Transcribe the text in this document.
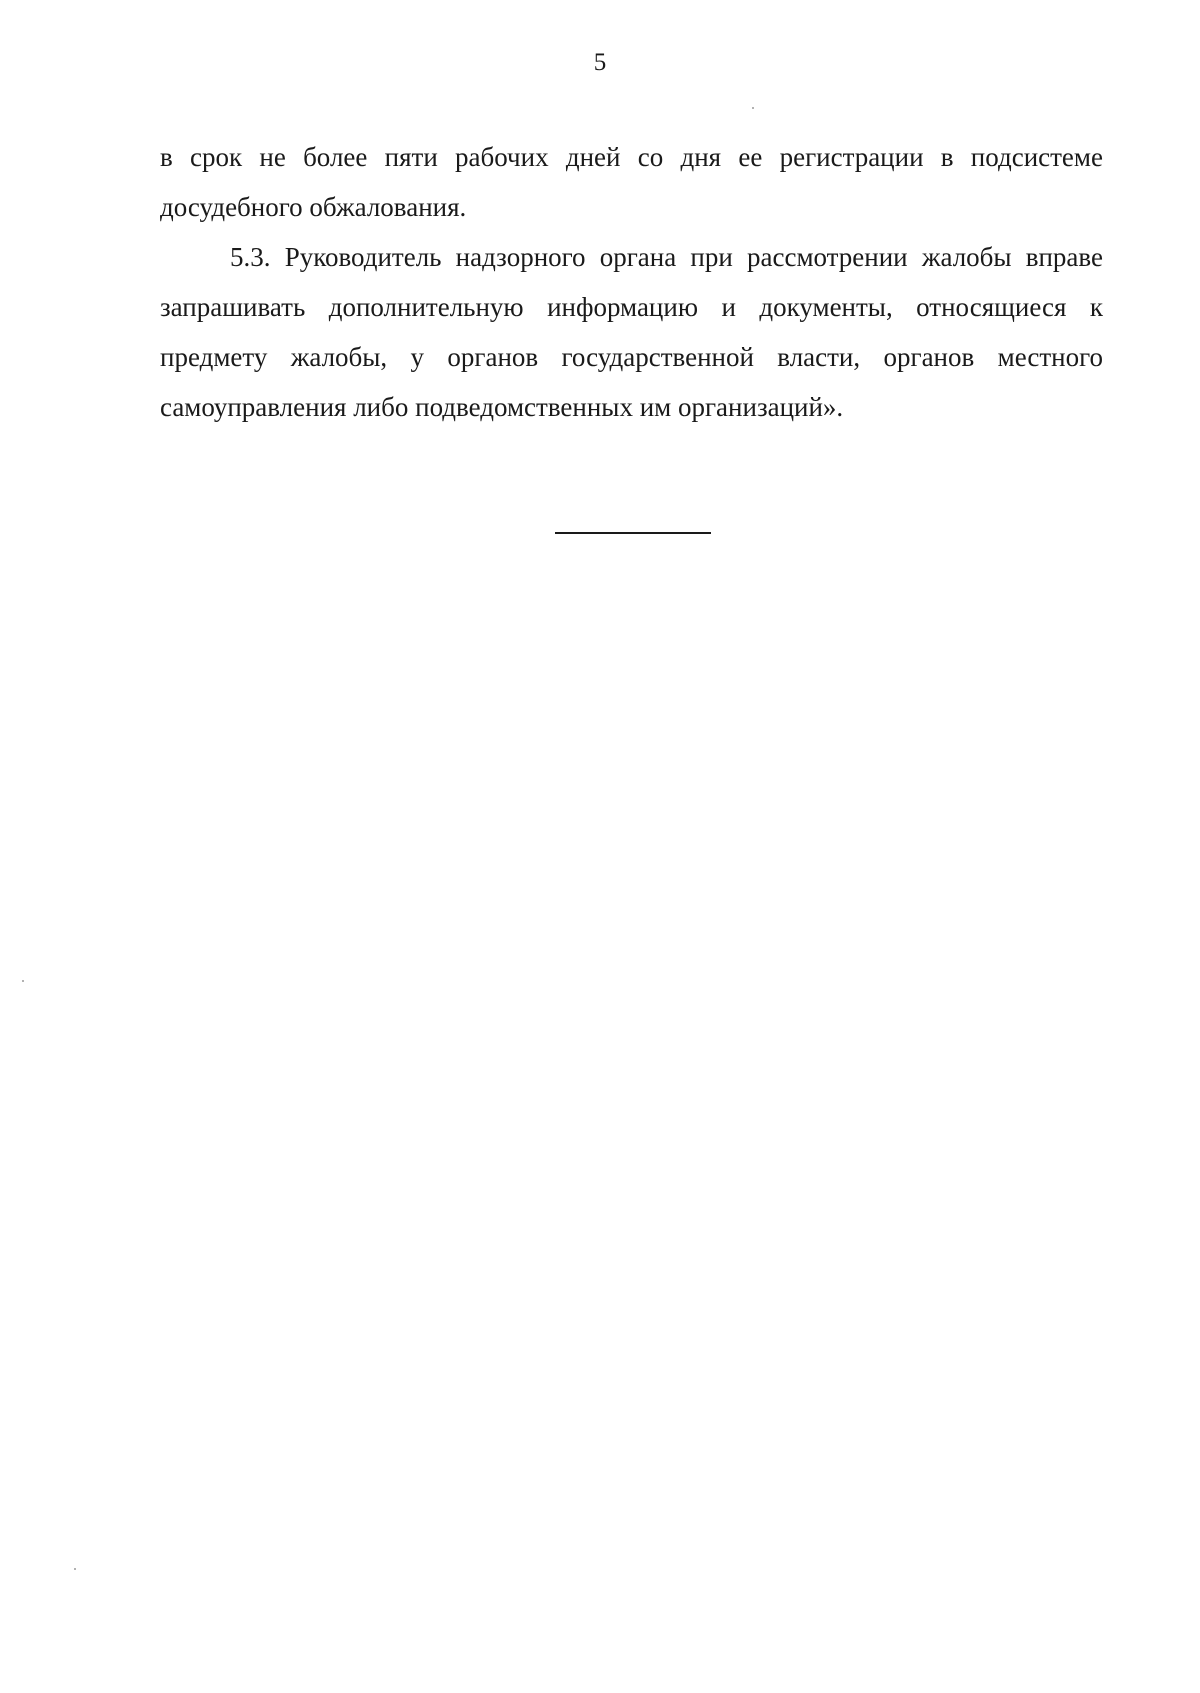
5

в срок не более пяти рабочих дней со дня ее регистрации в подсистеме досудебного обжалования.

5.3. Руководитель надзорного органа при рассмотрении жалобы вправе запрашивать дополнительную информацию и документы, относящиеся к предмету жалобы, у органов государственной власти, органов местного самоуправления либо подведомственных им организаций».
